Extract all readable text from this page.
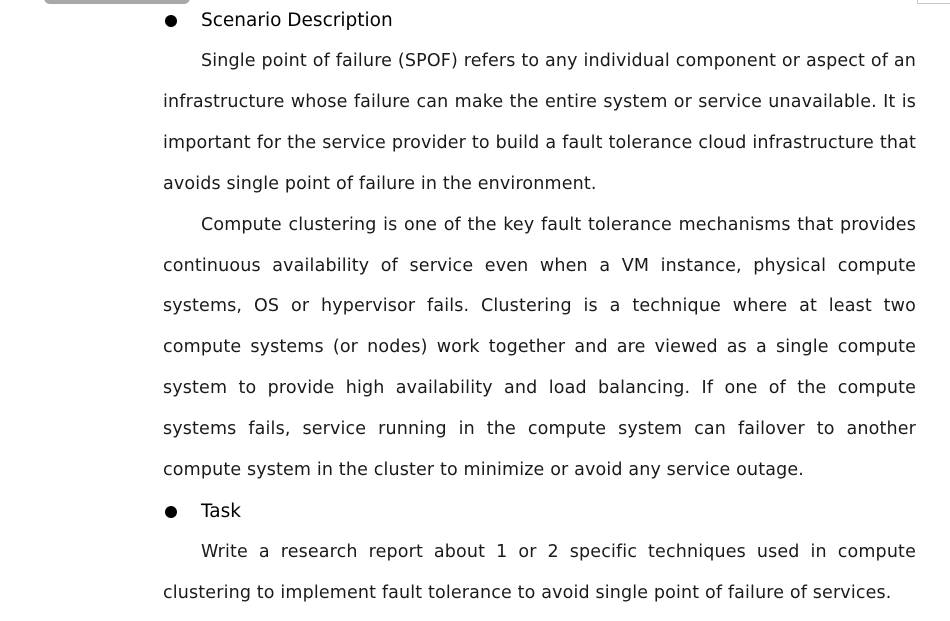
Scenario Description

Single point of failure (SPOF) refers to any individual component or aspect of an infrastructure whose failure can make the entire system or service unavailable. It is important for the service provider to build a fault tolerance cloud infrastructure that avoids single point of failure in the environment.

Compute clustering is one of the key fault tolerance mechanisms that provides continuous availability of service even when a VM instance, physical compute systems, OS or hypervisor fails. Clustering is a technique where at least two compute systems (or nodes) work together and are viewed as a single compute system to provide high availability and load balancing. If one of the compute systems fails, service running in the compute system can failover to another compute system in the cluster to minimize or avoid any service outage.

Task

Write a research report about 1 or 2 specific techniques used in compute clustering to implement fault tolerance to avoid single point of failure of services.
